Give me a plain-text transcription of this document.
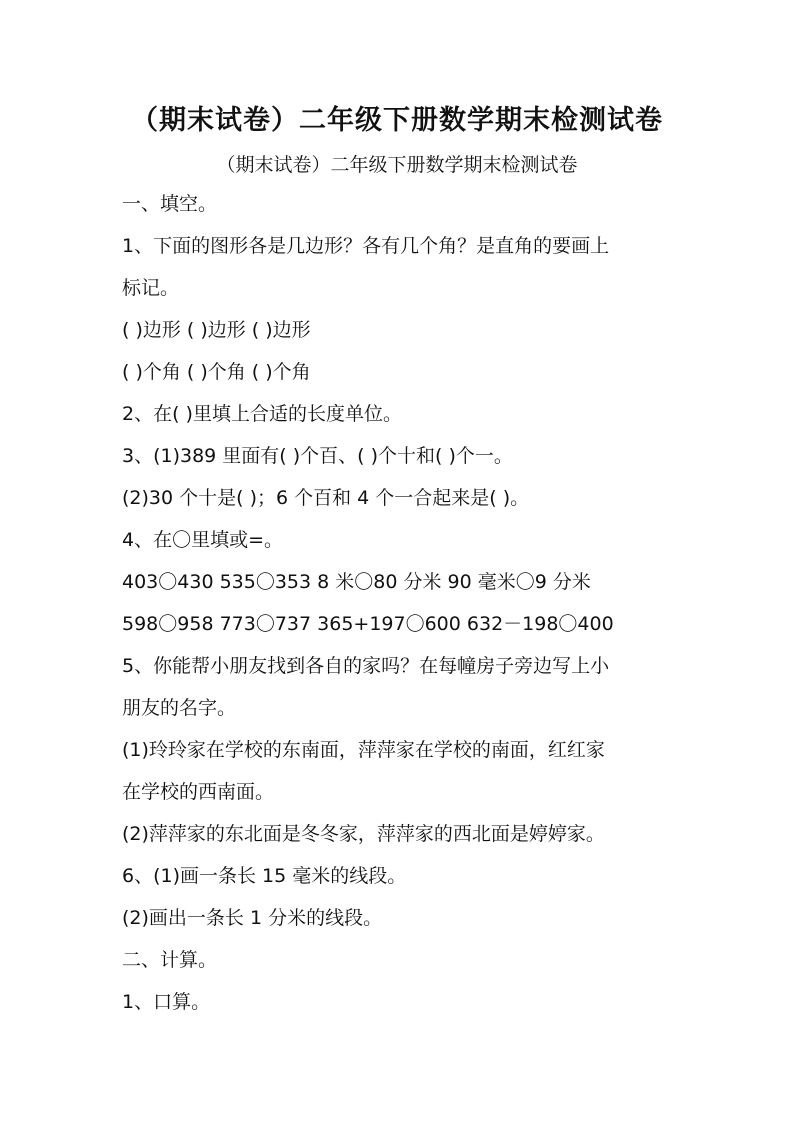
（期末试卷）二年级下册数学期末检测试卷
（期末试卷）二年级下册数学期末检测试卷
一、填空。
1、下面的图形各是几边形？各有几个角？是直角的要画上
标记。
( )边形 ( )边形 ( )边形
( )个角 ( )个角 ( )个角
2、在( )里填上合适的长度单位。
3、(1)389 里面有( )个百、( )个十和( )个一。
(2)30 个十是( )；6 个百和 4 个一合起来是( )。
4、在〇里填或=。
403〇430 535〇353 8 米〇80 分米 90 毫米〇9 分米
598〇958 773〇737 365+197〇600 632－198〇400
5、你能帮小朋友找到各自的家吗？在每幢房子旁边写上小
朋友的名字。
(1)玲玲家在学校的东南面，萍萍家在学校的南面，红红家
在学校的西南面。
(2)萍萍家的东北面是冬冬家，萍萍家的西北面是婷婷家。
6、(1)画一条长 15 毫米的线段。
(2)画出一条长 1 分米的线段。
二、计算。
1、口算。
